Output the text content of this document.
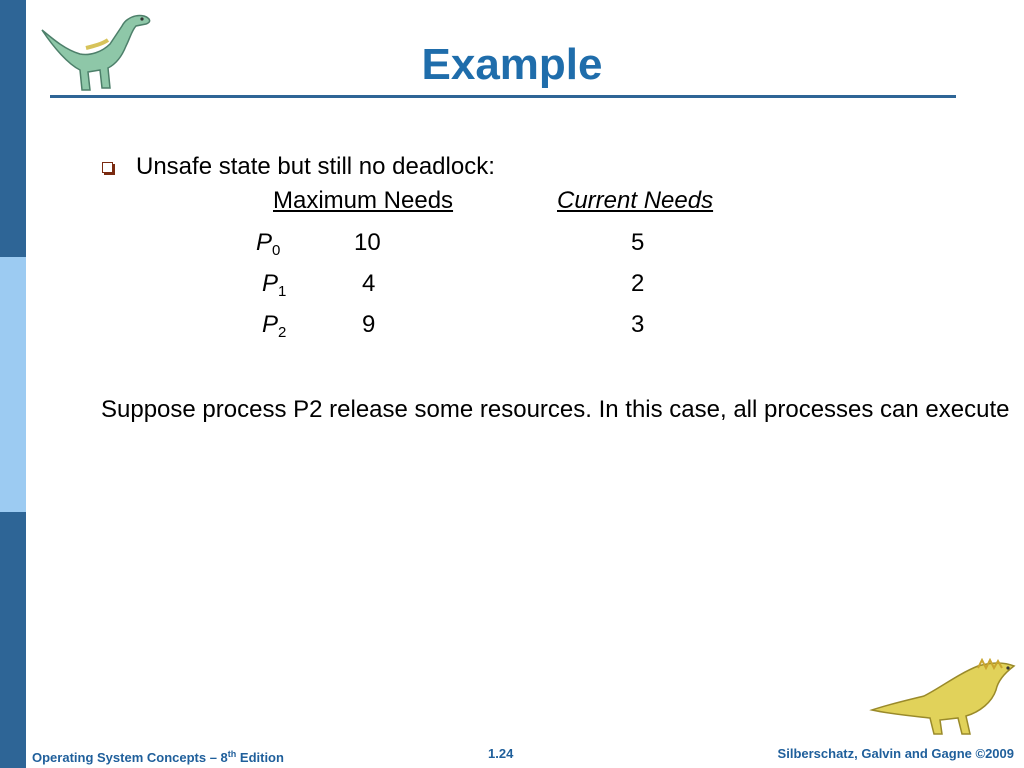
Example
Unsafe state but still no deadlock:
Maximum Needs	Current Needs
$P_0$	10	5
$P_1$	4	2
$P_2$	9	3
Suppose process P2 release some resources. In this case, all processes can execute
Operating System Concepts – 8th Edition	1.24	Silberschatz, Galvin and Gagne ©2009
